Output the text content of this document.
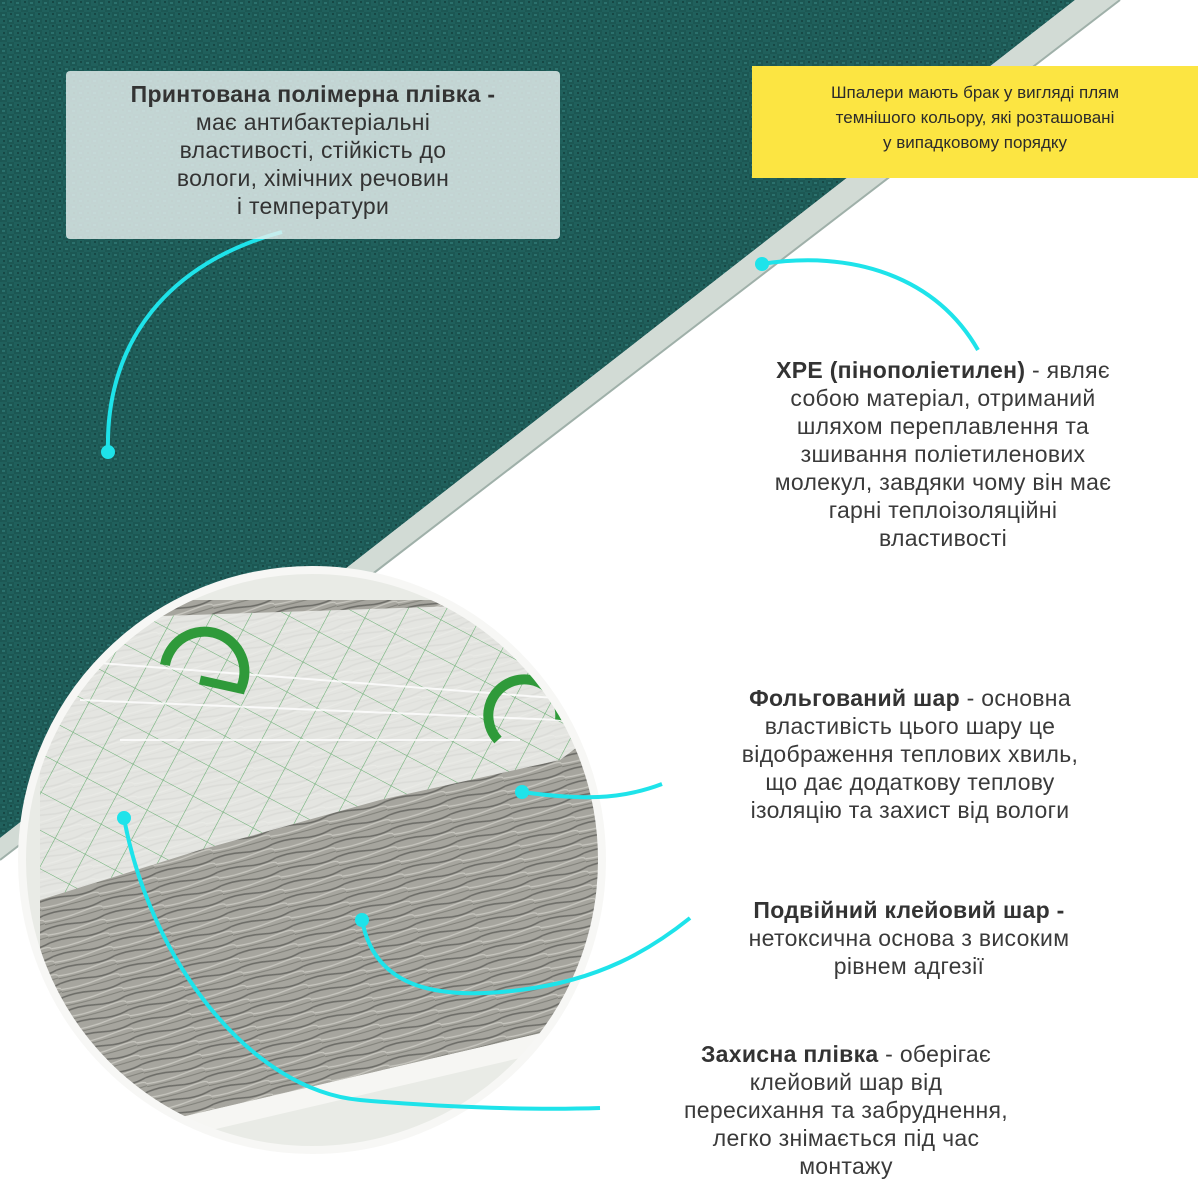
Принтована полімерна плівка -
має антибактеріальні
властивості, стійкість до
вологи, хімічних речовин
і температури
Шпалери мають брак у вигляді плям
темнішого кольору, які розташовані
у випадковому порядку
XPE (пінополіетилен) - являє
собою матеріал, отриманий
шляхом переплавлення та
зшивання поліетиленових
молекул, завдяки чому він має
гарні теплоізоляційні
властивості
Фольгований шар - основна
властивість цього шару це
відображення теплових хвиль,
що дає додаткову теплову
ізоляцію та захист від вологи
Подвійний клейовий шар -
нетоксична основа з високим
рівнем адгезії
Захисна плівка - оберігає
клейовий шар від
пересихання та забруднення,
легко знімається під час
монтажу
